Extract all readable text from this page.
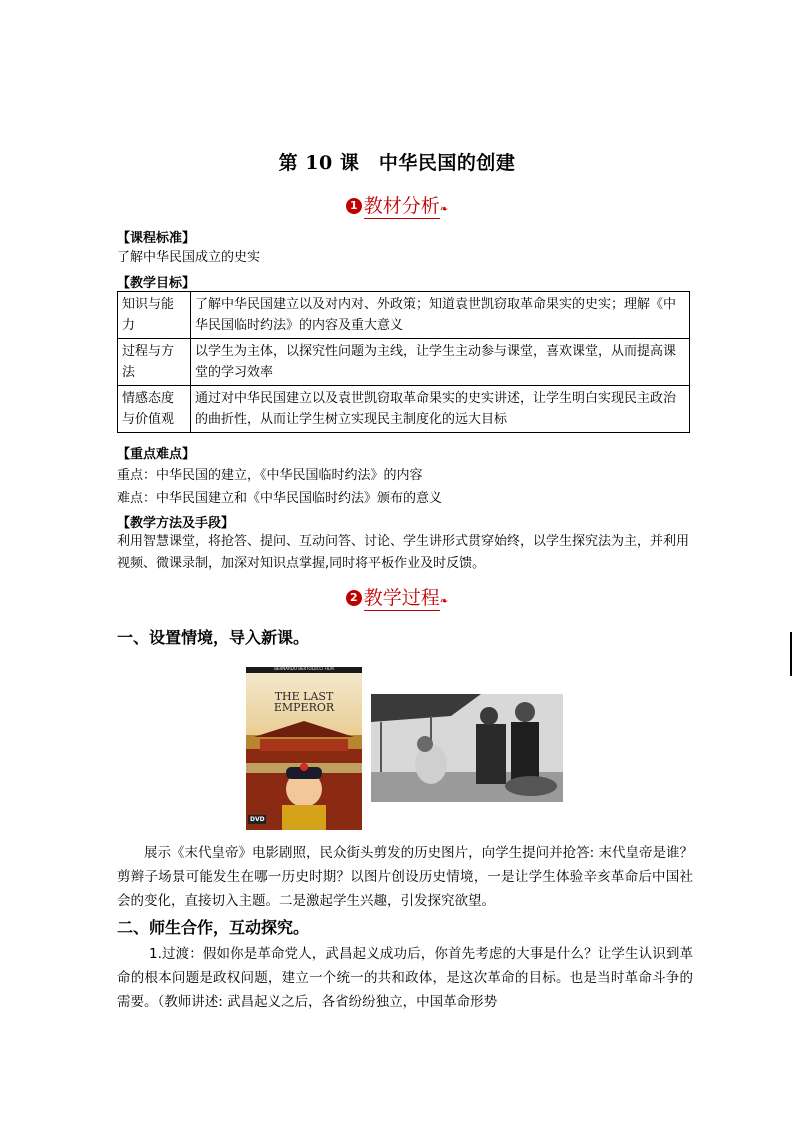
第 10 课　中华民国的创建
1 教材分析❧
【课程标准】
了解中华民国成立的史实
【教学目标】
知识与能力	了解中华民国建立以及对内对、外政策；知道袁世凯窃取革命果实的史实；理解《中华民国临时约法》的内容及重大意义
过程与方法	以学生为主体，以探究性问题为主线，让学生主动参与课堂，喜欢课堂，从而提高课堂的学习效率
情感态度与价值观	通过对中华民国建立以及袁世凯窃取革命果实的史实讲述，让学生明白实现民主政治的曲折性，从而让学生树立实现民主制度化的远大目标
【重点难点】
重点：中华民国的建立，《中华民国临时约法》的内容
难点：中华民国建立和《中华民国临时约法》颁布的意义
【教学方法及手段】
利用智慧课堂，将抢答、提问、互动问答、讨论、学生讲形式贯穿始终，以学生探究法为主，并利用视频、微课录制，加深对知识点掌握,同时将平板作业及时反馈。
2 教学过程❧
一、设置情境，导入新课。
BERNARDO BERTOLUCCI FILM
THE LAST EMPEROR
DVD
展示《末代皇帝》电影剧照，民众街头剪发的历史图片，向学生提问并抢答: 末代皇帝是谁？剪辫子场景可能发生在哪一历史时期？以图片创设历史情境，一是让学生体验辛亥革命后中国社会的变化，直接切入主题。二是激起学生兴趣，引发探究欲望。
二、师生合作，互动探究。
1.过渡：假如你是革命党人，武昌起义成功后，你首先考虑的大事是什么？让学生认识到革命的根本问题是政权问题，建立一个统一的共和政体，是这次革命的目标。也是当时革命斗争的需要。（教师讲述: 武昌起义之后，各省纷纷独立，中国革命形势
